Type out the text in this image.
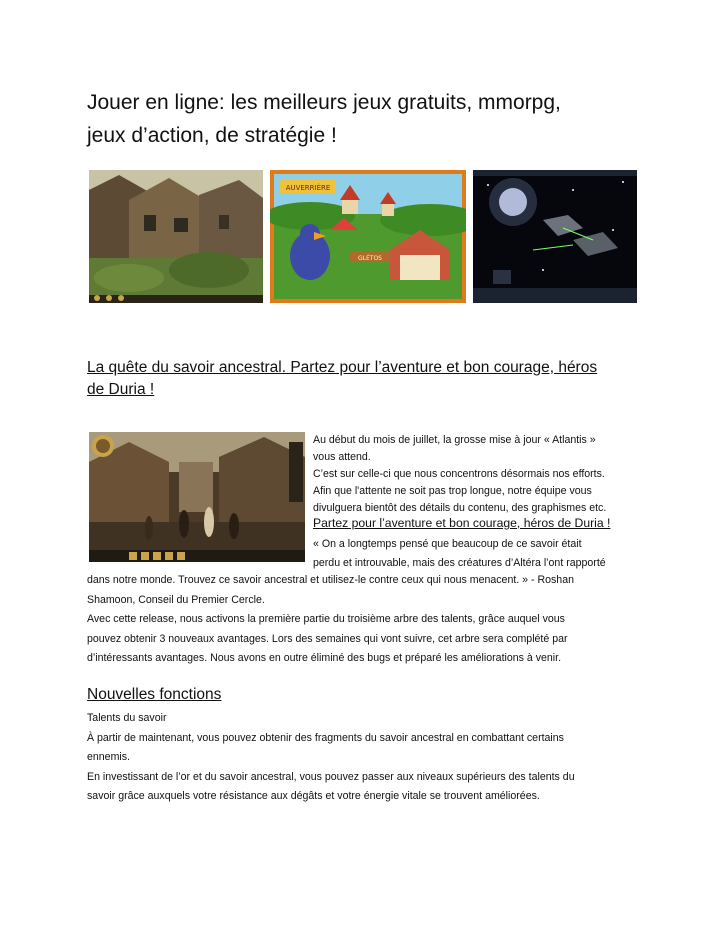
Jouer en ligne: les meilleurs jeux gratuits, mmorpg,
jeux d’action, de stratégie !
AUVERRIÈRE
GLÉTOS
La quête du savoir ancestral. Partez pour l’aventure et bon courage, héros
de Duria !
Au début du mois de juillet, la grosse mise à jour « Atlantis »
vous attend.
C’est sur celle-ci que nous concentrons désormais nos efforts.
Afin que l'attente ne soit pas trop longue, notre équipe vous
divulguera bientôt des détails du contenu, des graphismes etc.
Partez pour l’aventure et bon courage, héros de Duria !
« On a longtemps pensé que beaucoup de ce savoir était
perdu et introuvable, mais des créatures d’Altéra l’ont rapporté
dans notre monde. Trouvez ce savoir ancestral et utilisez-le contre ceux qui nous menacent. » - Roshan
Shamoon, Conseil du Premier Cercle.
Avec cette release, nous activons la première partie du troisième arbre des talents, grâce auquel vous
pouvez obtenir 3 nouveaux avantages. Lors des semaines qui vont suivre, cet arbre sera complété par
d’intéressants avantages. Nous avons en outre éliminé des bugs et préparé les améliorations à venir.
Nouvelles fonctions
Talents du savoir
À partir de maintenant, vous pouvez obtenir des fragments du savoir ancestral en combattant certains
ennemis.
En investissant de l’or et du savoir ancestral, vous pouvez passer aux niveaux supérieurs des talents du
savoir grâce auxquels votre résistance aux dégâts et votre énergie vitale se trouvent améliorées.
